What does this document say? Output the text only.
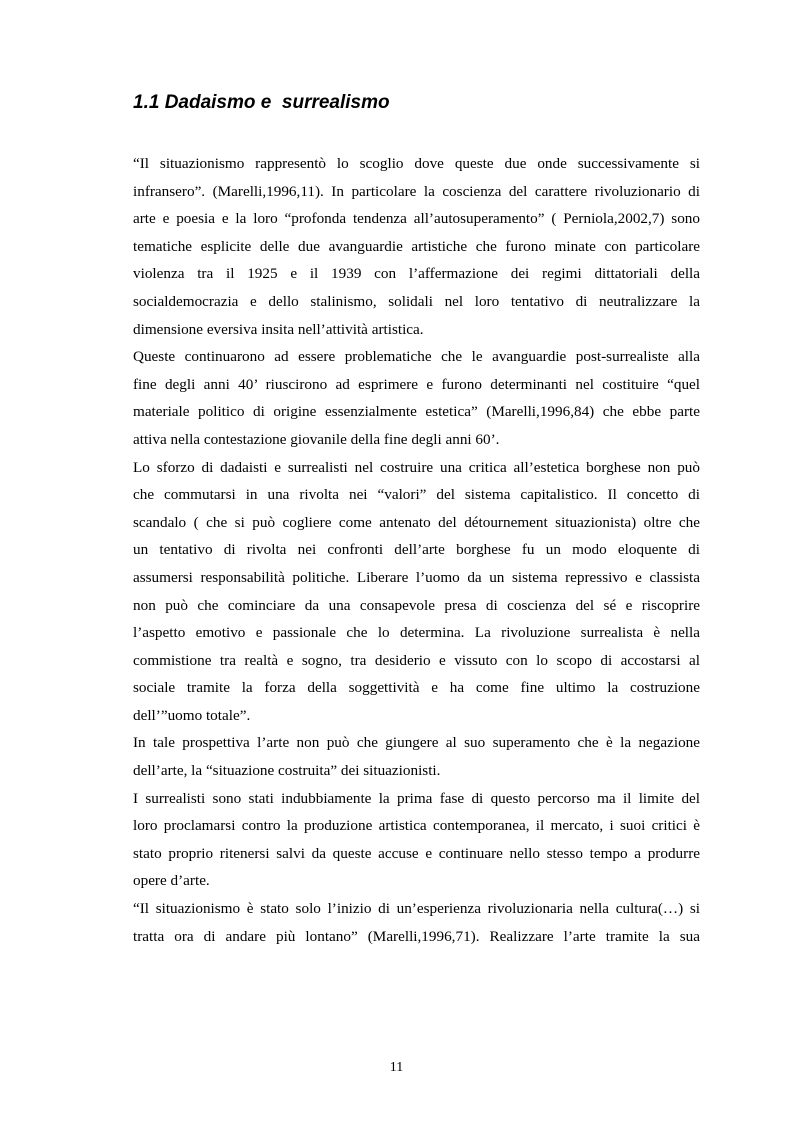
1.1 Dadaismo e  surrealismo
“Il situazionismo rappresentò lo scoglio dove queste due onde successivamente si
infransero”. (Marelli,1996,11). In particolare la coscienza del carattere rivoluzionario di
arte e poesia e la loro “profonda tendenza all’autosuperamento” ( Perniola,2002,7) sono
tematiche esplicite delle due avanguardie artistiche che furono minate con particolare
violenza tra il 1925 e il 1939 con l’affermazione dei regimi dittatoriali della
socialdemocrazia e dello stalinismo, solidali nel loro tentativo di neutralizzare la
dimensione eversiva insita nell’attività artistica.
Queste continuarono ad essere problematiche che le avanguardie post-surrealiste alla
fine degli anni 40’ riuscirono ad esprimere e furono determinanti nel costituire “quel
materiale politico di origine essenzialmente estetica” (Marelli,1996,84) che ebbe parte
attiva nella contestazione giovanile della fine degli anni 60’.
Lo sforzo di dadaisti e surrealisti nel costruire una critica all’estetica borghese non può
che commutarsi in una rivolta nei “valori” del sistema capitalistico. Il concetto di
scandalo ( che si può cogliere come antenato del détournement situazionista) oltre che
un tentativo di rivolta nei confronti dell’arte borghese fu un modo eloquente di
assumersi responsabilità politiche. Liberare l’uomo da un sistema repressivo e classista
non può che cominciare da una consapevole presa di coscienza del sé e riscoprire
l’aspetto emotivo e passionale che lo determina. La rivoluzione surrealista è nella
commistione tra realtà e sogno, tra desiderio e vissuto con lo scopo di accostarsi al
sociale tramite la forza della soggettività e ha come fine ultimo la costruzione
dell’”uomo totale”.
In tale prospettiva l’arte non può che giungere al suo superamento che è la negazione
dell’arte, la “situazione costruita” dei situazionisti.
I surrealisti sono stati indubbiamente la prima fase di questo percorso ma il limite del
loro proclamarsi contro la produzione artistica contemporanea, il mercato, i suoi critici è
stato proprio ritenersi salvi da queste accuse e continuare nello stesso tempo a produrre
opere d’arte.
“Il situazionismo è stato solo l’inizio di un’esperienza rivoluzionaria nella cultura(…) si
tratta ora di andare più lontano” (Marelli,1996,71). Realizzare l’arte tramite la sua
11
